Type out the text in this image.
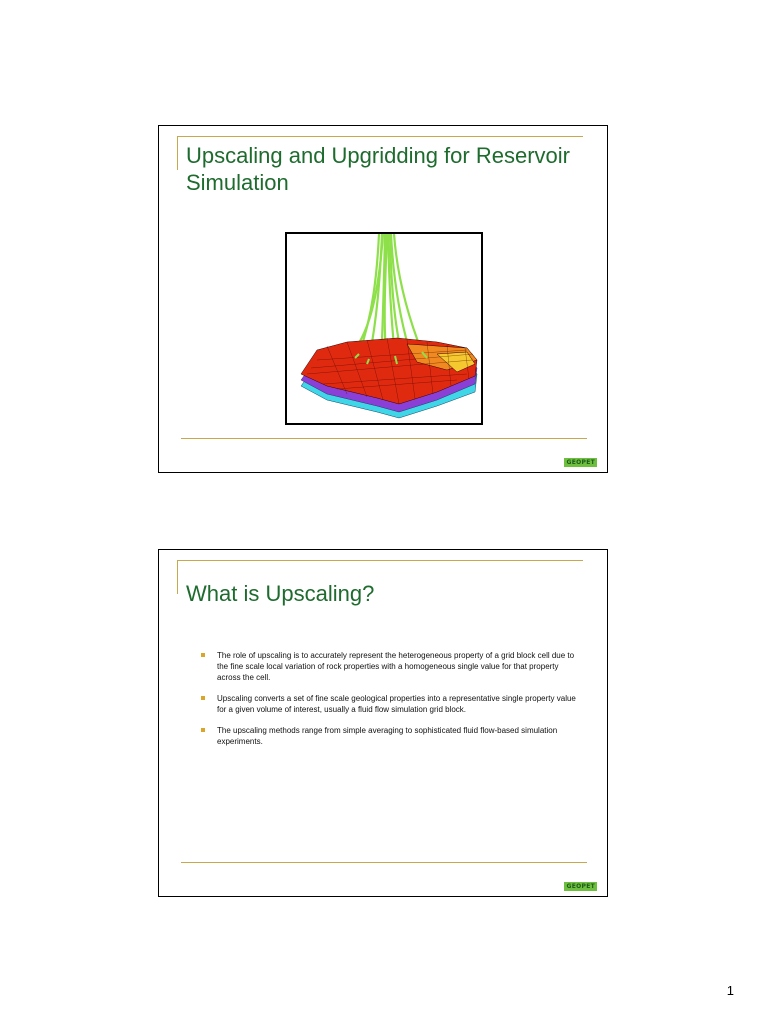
Upscaling and Upgridding for Reservoir Simulation
GEOPET
What is Upscaling?
The role of upscaling is to accurately represent the heterogeneous property of a grid block cell due to the fine scale local variation of rock properties with a homogeneous single value for that property across the cell.
Upscaling converts a set of fine scale geological properties into a representative single property value for a given volume of interest, usually a fluid flow simulation grid block.
The upscaling methods range from simple averaging to sophisticated fluid flow-based simulation experiments.
GEOPET
1
